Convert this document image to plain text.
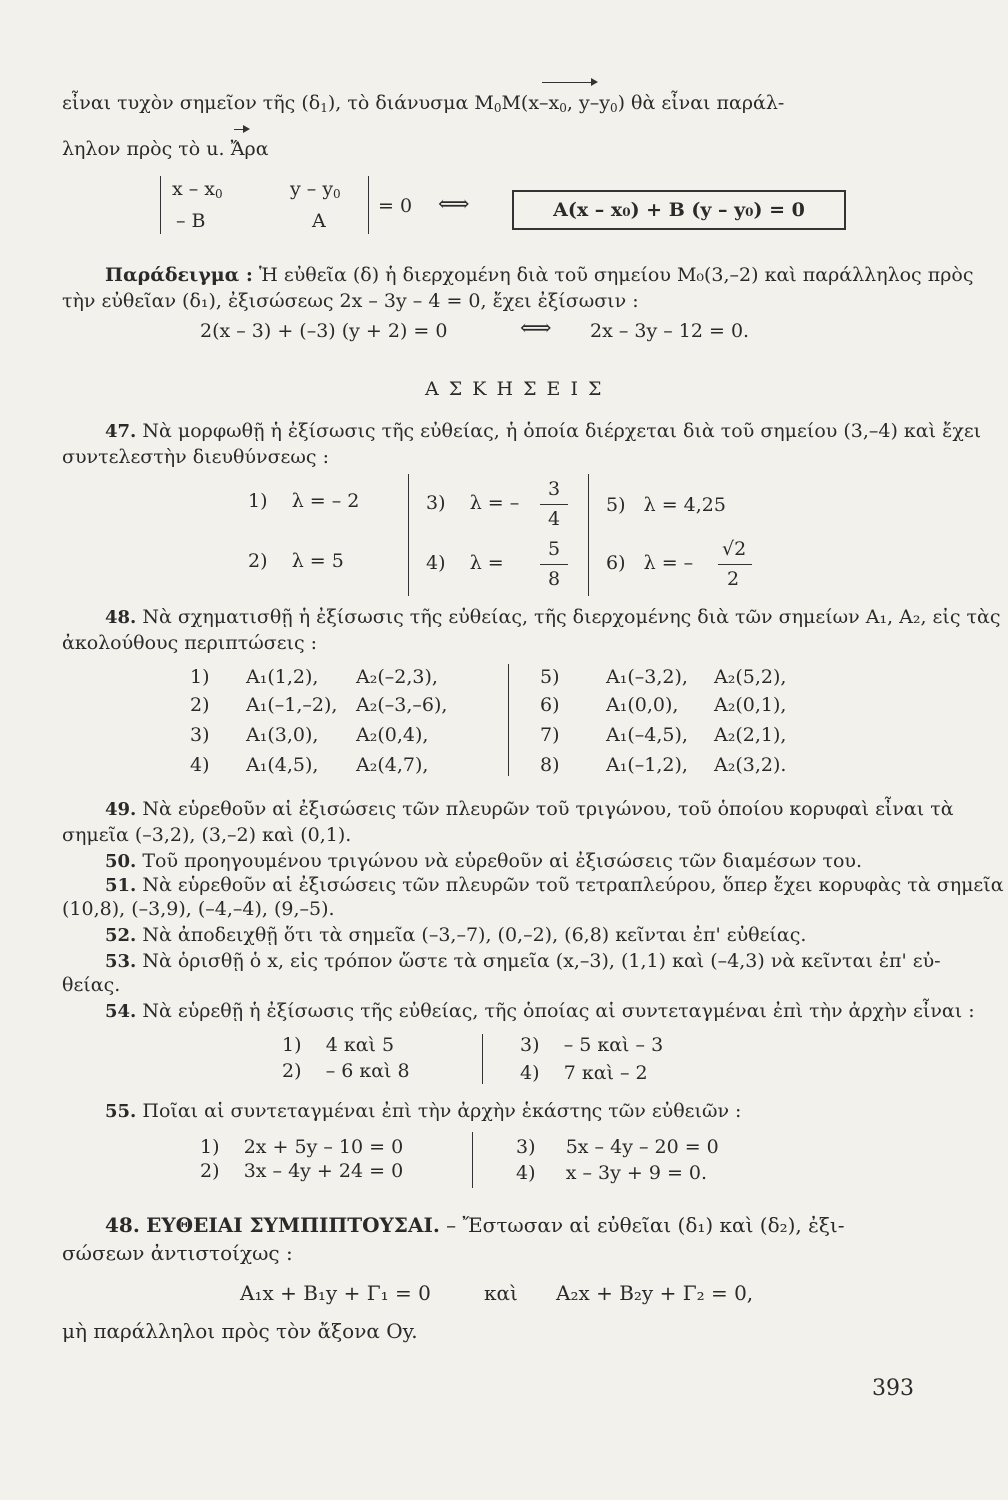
εἶναι τυχὸν σημεῖον τῆς $(\delta_1)$, τὸ διάνυσμα $M_0M(x-x_0$, $y-y_0$) θὰ εἶναι παράλ-
ληλον πρὸς τὸ u. Ἄρα
x – $x_0$	y – $y_0$
– B	A
= 0 ⟺	A(x – x₀) + B (y – y₀) = 0
Παράδειγμα : Ἡ εὐθεῖα (δ) ἡ διερχομένη διὰ τοῦ σημείου M₀(3,–2) καὶ παράλληλος πρὸς
τὴν εὐθεῖαν (δ₁), ἐξισώσεως 2x – 3y – 4 = 0, ἔχει ἐξίσωσιν :
2(x – 3) + (–3) (y + 2) = 0	⟺ 2x – 3y – 12 = 0.
Α Σ Κ Η Σ Ε Ι Σ
47. Νὰ μορφωθῇ ἡ ἐξίσωσις τῆς εὐθείας, ἡ ὁποία διέρχεται διὰ τοῦ σημείου (3,–4) καὶ ἔχει
συντελεστὴν διευθύνσεως :
1) λ = – 2
2) λ = 5
3) λ = –
3
4
4) λ =
5
8
5) λ = 4,25
6) λ = –
√2
2
48. Νὰ σχηματισθῇ ἡ ἐξίσωσις τῆς εὐθείας, τῆς διερχομένης διὰ τῶν σημείων A₁, A₂, εἰς τὰς
ἀκολούθους περιπτώσεις :
1) A₁(1,2), A₂(–2,3),
2) A₁(–1,–2), A₂(–3,–6),
3) A₁(3,0), A₂(0,4),
4) A₁(4,5), A₂(4,7),
5) A₁(–3,2), A₂(5,2),
6) A₁(0,0), A₂(0,1),
7) A₁(–4,5), A₂(2,1),
8) A₁(–1,2), A₂(3,2).
49. Νὰ εὑρεθοῦν αἱ ἐξισώσεις τῶν πλευρῶν τοῦ τριγώνου, τοῦ ὁποίου κορυφαὶ εἶναι τὰ
σημεῖα (–3,2), (3,–2) καὶ (0,1).
50. Τοῦ προηγουμένου τριγώνου νὰ εὑρεθοῦν αἱ ἐξισώσεις τῶν διαμέσων του.
51. Νὰ εὑρεθοῦν αἱ ἐξισώσεις τῶν πλευρῶν τοῦ τετραπλεύρου, ὅπερ ἔχει κορυφὰς τὰ σημεῖα
(10,8), (–3,9), (–4,–4), (9,–5).
52. Νὰ ἀποδειχθῇ ὅτι τὰ σημεῖα (–3,–7), (0,–2), (6,8) κεῖνται ἐπ' εὐθείας.
53. Νὰ ὁρισθῇ ὁ x, εἰς τρόπον ὥστε τὰ σημεῖα (x,–3), (1,1) καὶ (–4,3) νὰ κεῖνται ἐπ' εὐ-
θείας.
54. Νὰ εὑρεθῇ ἡ ἐξίσωσις τῆς εὐθείας, τῆς ὁποίας αἱ συντεταγμέναι ἐπὶ τὴν ἀρχὴν εἶναι :
1) 4 καὶ 5
2) – 6 καὶ 8
3) – 5 καὶ – 3
4) 7 καὶ – 2
55. Ποῖαι αἱ συντεταγμέναι ἐπὶ τὴν ἀρχὴν ἑκάστης τῶν εὐθειῶν :
1) 2x + 5y – 10 = 0
2) 3x – 4y + 24 = 0
3) 5x – 4y – 20 = 0
4) x – 3y + 9 = 0.
48. ΕΥΘΕΙΑΙ ΣΥΜΠΙΠΤΟΥΣΑΙ. – Ἔστωσαν αἱ εὐθεῖαι (δ₁) καὶ (δ₂), ἐξι-
σώσεων ἀντιστοίχως :
A₁x + B₁y + Γ₁ = 0	καὶ A₂x + B₂y + Γ₂ = 0,
μὴ παράλληλοι πρὸς τὸν ἄξονα Oy.
393
